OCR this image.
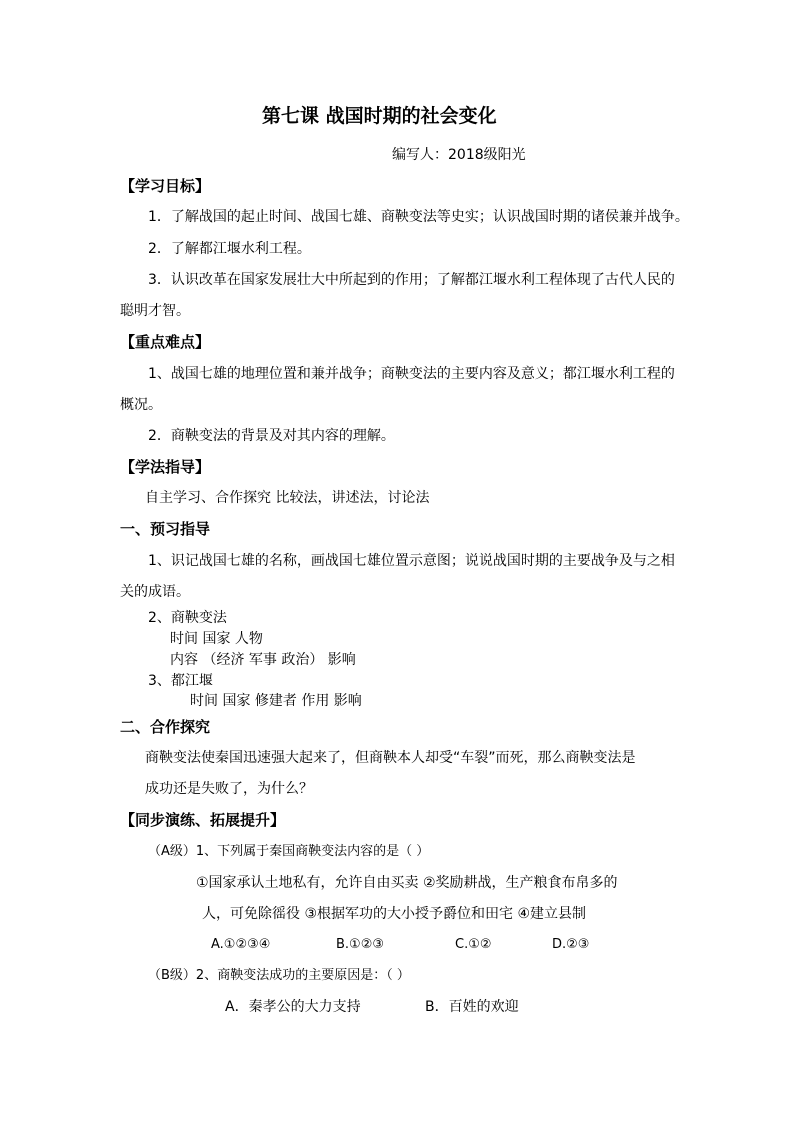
第七课 战国时期的社会变化
编写人：2018级阳光
【学习目标】
1．了解战国的起止时间、战国七雄、商鞅变法等史实；认识战国时期的诸侯兼并战争。
2．了解都江堰水利工程。
3．认识改革在国家发展壮大中所起到的作用；了解都江堰水利工程体现了古代人民的
聪明才智。
【重点难点】
1、战国七雄的地理位置和兼并战争；商鞅变法的主要内容及意义；都江堰水利工程的
概况。
2．商鞅变法的背景及对其内容的理解。
【学法指导】
自主学习、合作探究 比较法，讲述法，讨论法
一、预习指导
1、识记战国七雄的名称，画战国七雄位置示意图；说说战国时期的主要战争及与之相
关的成语。
2、商鞅变法
时间 国家 人物
内容 （经济 军事 政治） 影响
3、都江堰
时间 国家 修建者 作用 影响
二、合作探究
商鞅变法使秦国迅速强大起来了，但商鞅本人却受“车裂”而死，那么商鞅变法是
成功还是失败了，为什么？
【同步演练、拓展提升】
（A级）1、下列属于秦国商鞅变法内容的是（ ）
①国家承认土地私有，允许自由买卖 ②奖励耕战，生产粮食布帛多的
人，可免除徭役 ③根据军功的大小授予爵位和田宅 ④建立县制
A.①②③④	B.①②③	C.①②	D.②③
（B级）2、商鞅变法成功的主要原因是：（ ）
A．秦孝公的大力支持	B．百姓的欢迎
